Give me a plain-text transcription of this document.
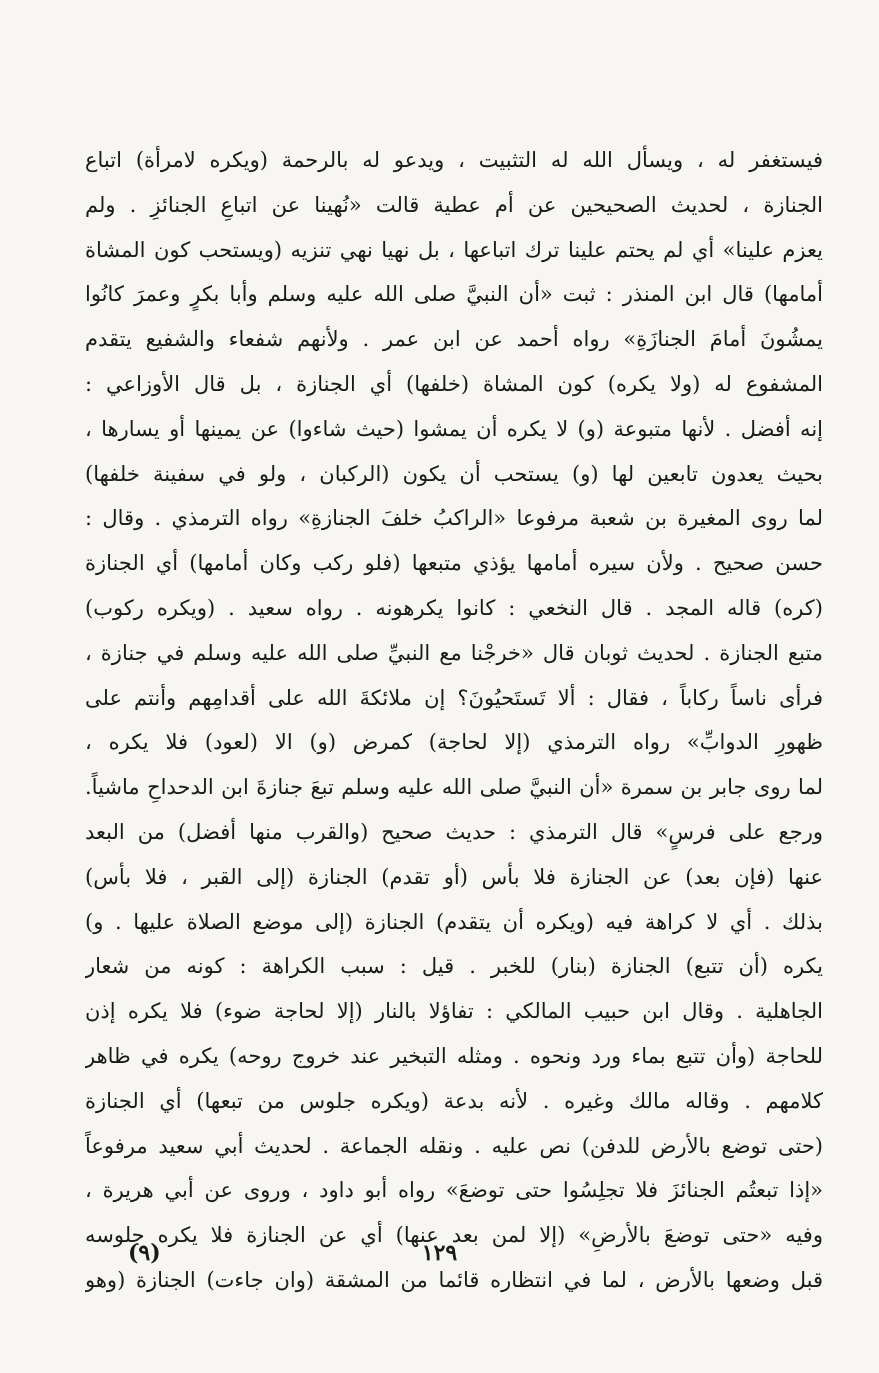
فيستغفر له ، ويسأل الله له التثبيت ، ويدعو له بالرحمة (ويكره لامرأة) اتباع
الجنازة ، لحديث الصحيحين عن أم عطية قالت «نُهينا عن اتباعِ الجنائزِ . ولم
يعزم علينا» أي لم يحتم علينا ترك اتباعها ، بل نهيا نهي تنزيه (ويستحب كون المشاة
أمامها) قال ابن المنذر : ثبت «أن النبيَّ صلى الله عليه وسلم وأبا بكرٍ وعمرَ كانُوا
يمشُونَ أمامَ الجنازَةِ» رواه أحمد عن ابن عمر . ولأنهم شفعاء والشفيع يتقدم
المشفوع له (ولا يكره) كون المشاة (خلفها) أي الجنازة ، بل قال الأوزاعي :
إنه أفضل . لأنها متبوعة (و) لا يكره أن يمشوا (حيث شاءوا) عن يمينها أو يسارها ،
بحيث يعدون تابعين لها (و) يستحب أن يكون (الركبان ، ولو في سفينة خلفها)
لما روى المغيرة بن شعبة مرفوعا «الراكبُ خلفَ الجنازةِ» رواه الترمذي . وقال :
حسن صحيح . ولأن سيره أمامها يؤذي متبعها (فلو ركب وكان أمامها) أي الجنازة
(كره) قاله المجد . قال النخعي : كانوا يكرهونه . رواه سعيد . (ويكره ركوب)
متبع الجنازة . لحديث ثوبان قال «خرجْنا مع النبيِّ صلى الله عليه وسلم في جنازة ،
فرأى ناساً ركاباً ، فقال : ألا تَستَحيُونَ؟ إن ملائكةَ الله على أقدامِهم وأنتم على
ظهورِ الدوابِّ» رواه الترمذي (إلا لحاجة) كمرض (و) الا (لعود) فلا يكره ،
لما روى جابر بن سمرة «أن النبيَّ صلى الله عليه وسلم تبعَ جنازةَ ابن الدحداحِ ماشياً.
ورجع على فرسٍ» قال الترمذي : حديث صحيح (والقرب منها أفضل) من البعد
عنها (فإن بعد) عن الجنازة فلا بأس (أو تقدم) الجنازة (إلى القبر ، فلا بأس)
بذلك . أي لا كراهة فيه (ويكره أن يتقدم) الجنازة (إلى موضع الصلاة عليها . و)
يكره (أن تتبع) الجنازة (بنار) للخبر . قيل : سبب الكراهة : كونه من شعار
الجاهلية . وقال ابن حبيب المالكي : تفاؤلا بالنار (إلا لحاجة ضوء) فلا يكره إذن
للحاجة (وأن تتبع بماء ورد ونحوه . ومثله التبخير عند خروج روحه) يكره في ظاهر
كلامهم . وقاله مالك وغيره . لأنه بدعة (ويكره جلوس من تبعها) أي الجنازة
(حتى توضع بالأرض للدفن) نص عليه . ونقله الجماعة . لحديث أبي سعيد مرفوعاً
«إذا تبعتُم الجنائزَ فلا تجلِسُوا حتى توضعَ» رواه أبو داود ، وروى عن أبي هريرة ،
وفيه «حتى توضعَ بالأرضِ» (إلا لمن بعد عنها) أي عن الجنازة فلا يكره جلوسه
قبل وضعها بالأرض ، لما في انتظاره قائما من المشقة (وان جاءت) الجنازة (وهو
١٢٩
(٩)
